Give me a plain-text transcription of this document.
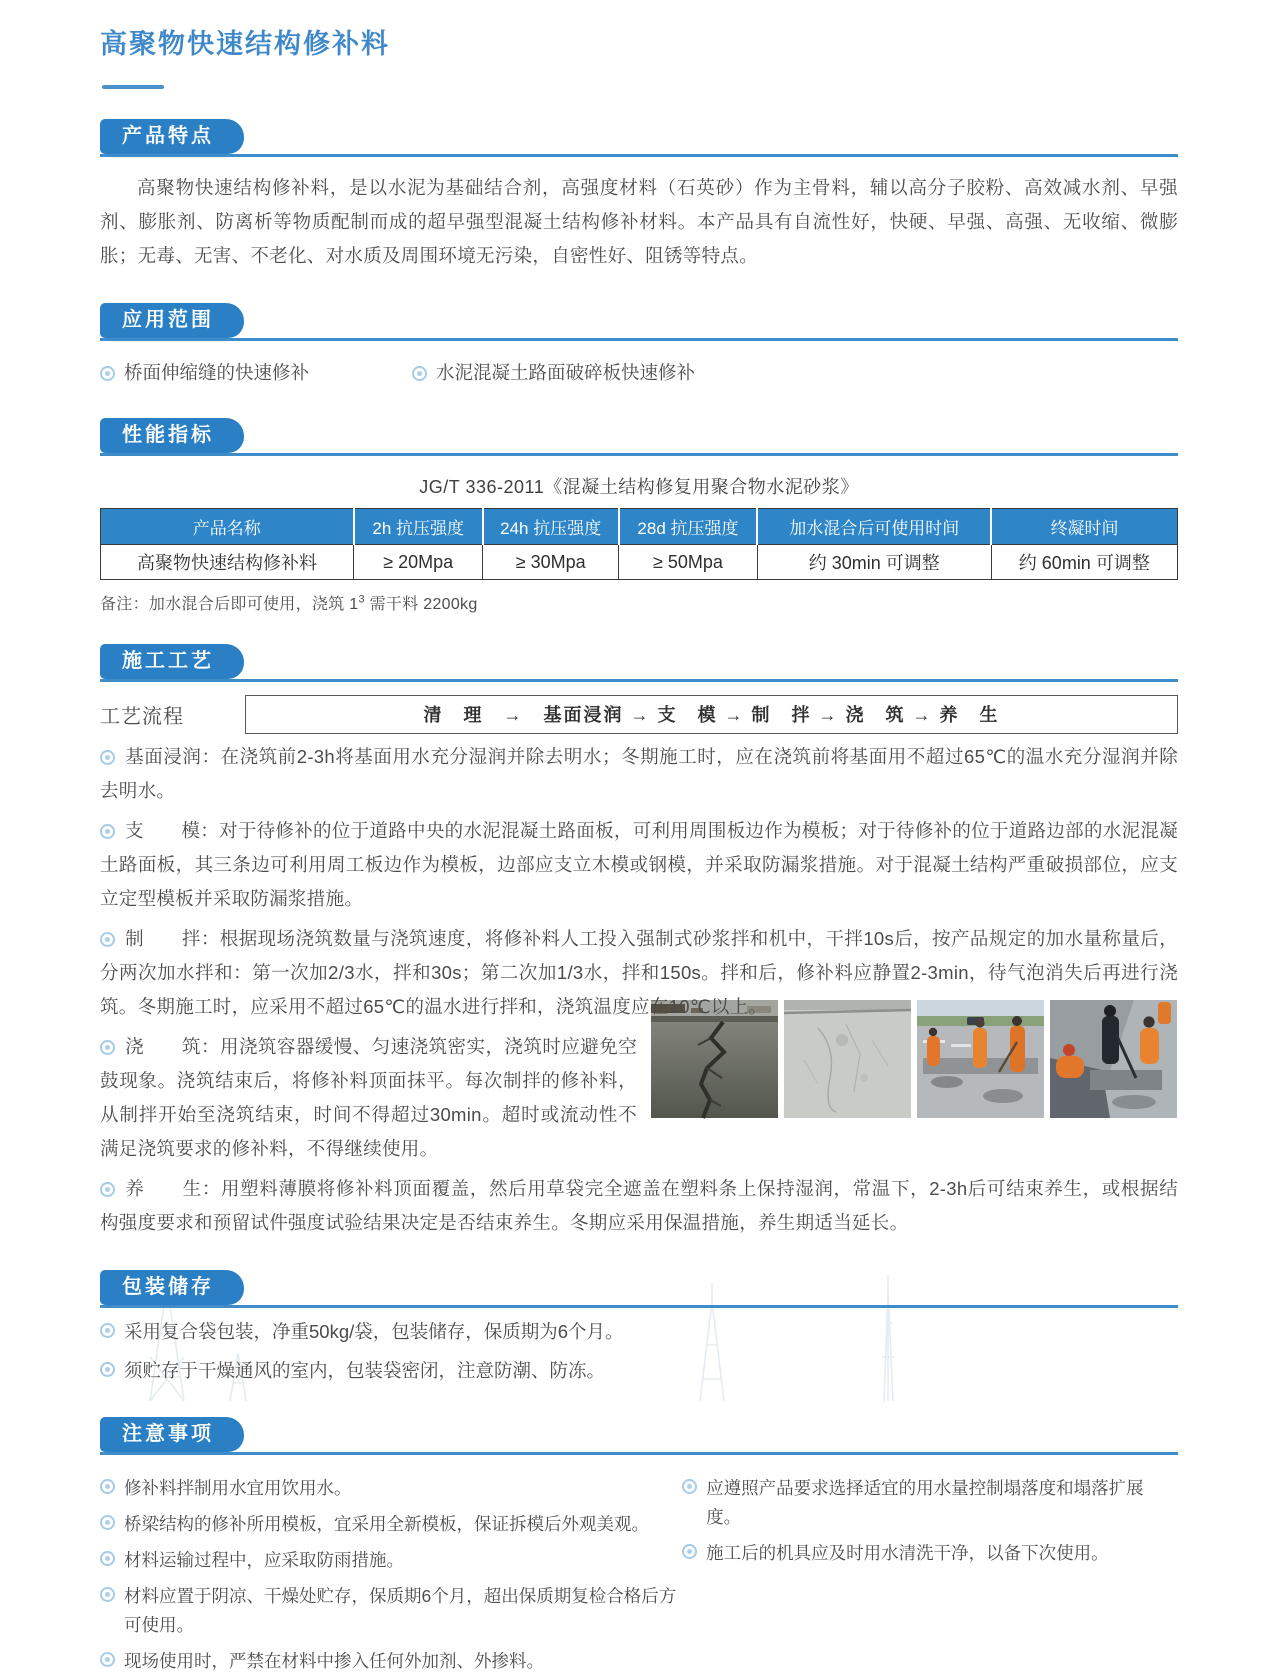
高聚物快速结构修补料
产品特点

高聚物快速结构修补料，是以水泥为基础结合剂，高强度材料（石英砂）作为主骨料，辅以高分子胶粉、高效减水剂、早强剂、膨胀剂、防离析等物质配制而成的超早强型混凝土结构修补材料。本产品具有自流性好，快硬、早强、高强、无收缩、微膨胀；无毒、无害、不老化、对水质及周围环境无污染，自密性好、阻锈等特点。

应用范围
桥面伸缩缝的快速修补	水泥混凝土路面破碎板快速修补
性能指标

JG/T 336-2011《混凝土结构修复用聚合物水泥砂浆》

产品名称	2h 抗压强度	24h 抗压强度	28d 抗压强度	加水混合后可使用时间	终凝时间
高聚物快速结构修补料	≥ 20Mpa	≥ 30Mpa	≥ 50Mpa	约 30min 可调整	约 60min 可调整

备注：加水混合后即可使用，浇筑 $1^3$ 需干料 2200kg

施工工艺
工艺流程	清　理　→　基面浸润 → 支　模 → 制　拌 → 浇　筑 → 养　生

基面浸润：在浇筑前2-3h将基面用水充分湿润并除去明水；冬期施工时，应在浇筑前将基面用不超过65℃的温水充分湿润并除去明水。

支　　模：对于待修补的位于道路中央的水泥混凝土路面板，可利用周围板边作为模板；对于待修补的位于道路边部的水泥混凝土路面板，其三条边可利用周工板边作为模板，边部应支立木模或钢模，并采取防漏浆措施。对于混凝土结构严重破损部位，应支立定型模板并采取防漏浆措施。

制　　拌：根据现场浇筑数量与浇筑速度，将修补料人工投入强制式砂浆拌和机中，干拌10s后，按产品规定的加水量称量后，分两次加水拌和：第一次加2/3水，拌和30s；第二次加1/3水，拌和150s。拌和后，修补料应静置2-3min，待气泡消失后再进行浇筑。冬期施工时，应采用不超过65℃的温水进行拌和，浇筑温度应在10℃以上。

浇　　筑：用浇筑容器缓慢、匀速浇筑密实，浇筑时应避免空鼓现象。浇筑结束后，将修补料顶面抹平。每次制拌的修补料，从制拌开始至浇筑结束，时间不得超过30min。超时或流动性不满足浇筑要求的修补料，不得继续使用。

养　　生：用塑料薄膜将修补料顶面覆盖，然后用草袋完全遮盖在塑料条上保持湿润，常温下，2-3h后可结束养生，或根据结构强度要求和预留试件强度试验结果决定是否结束养生。冬期应采用保温措施，养生期适当延长。

包装储存
采用复合袋包装，净重50kg/袋，包装储存，保质期为6个月。
须贮存于干燥通风的室内，包装袋密闭，注意防潮、防冻。
注意事项
修补料拌制用水宜用饮用水。
桥梁结构的修补所用模板，宜采用全新模板，保证拆模后外观美观。
材料运输过程中，应采取防雨措施。
材料应置于阴凉、干燥处贮存，保质期6个月，超出保质期复检合格后方可使用。
现场使用时，严禁在材料中掺入任何外加剂、外掺料。
应遵照产品要求选择适宜的用水量控制塌落度和塌落扩展度。
施工后的机具应及时用水清洗干净，以备下次使用。
